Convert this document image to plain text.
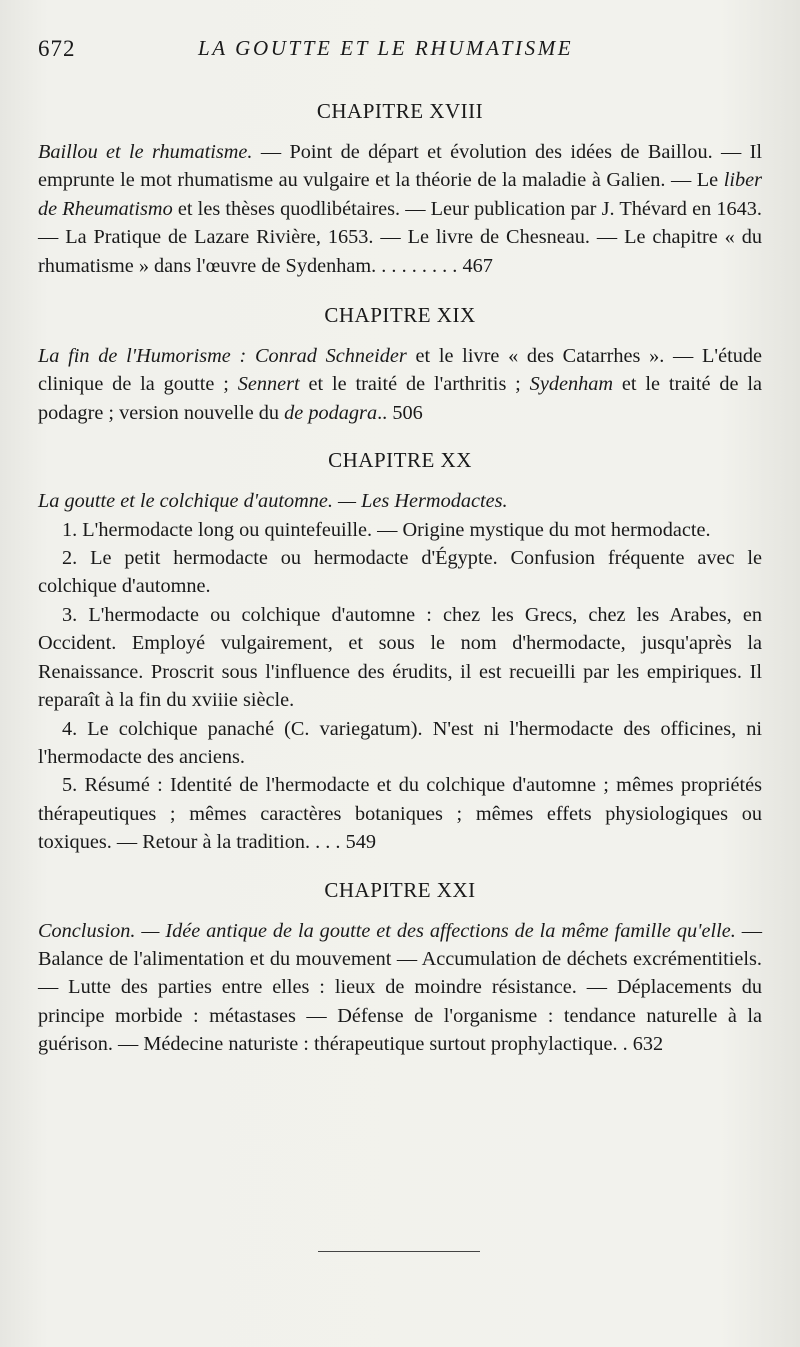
672	LA GOUTTE ET LE RHUMATISME
CHAPITRE XVIII

Baillou et le rhumatisme. — Point de départ et évolution des idées de Baillou. — Il emprunte le mot rhumatisme au vulgaire et la théorie de la maladie à Galien. — Le liber de Rheumatismo et les thèses quodlibétaires. — Leur publication par J. Thévard en 1643. — La Pratique de Lazare Rivière, 1653. — Le livre de Chesneau. — Le chapitre « du rhumatisme » dans l'œuvre de Sydenham. . . . . . . . . 467

CHAPITRE XIX

La fin de l'Humorisme : Conrad Schneider et le livre « des Catarrhes ». — L'étude clinique de la goutte ; Sennert et le traité de l'arthritis ; Sydenham et le traité de la podagre ; version nouvelle du de podagra.. 506

CHAPITRE XX

La goutte et le colchique d'automne. — Les Hermodactes.

1. L'hermodacte long ou quintefeuille. — Origine mystique du mot hermodacte.

2. Le petit hermodacte ou hermodacte d'Égypte. Confusion fréquente avec le colchique d'automne.

3. L'hermodacte ou colchique d'automne : chez les Grecs, chez les Arabes, en Occident. Employé vulgairement, et sous le nom d'hermodacte, jusqu'après la Renaissance. Proscrit sous l'influence des érudits, il est recueilli par les empiriques. Il reparaît à la fin du xviiie siècle.

4. Le colchique panaché (C. variegatum). N'est ni l'hermodacte des officines, ni l'hermodacte des anciens.

5. Résumé : Identité de l'hermodacte et du colchique d'automne ; mêmes propriétés thérapeutiques ; mêmes caractères botaniques ; mêmes effets physiologiques ou toxiques. — Retour à la tradition. . . . 549

CHAPITRE XXI

Conclusion. — Idée antique de la goutte et des affections de la même famille qu'elle. — Balance de l'alimentation et du mouvement — Accumulation de déchets excrémentitiels. — Lutte des parties entre elles : lieux de moindre résistance. — Déplacements du principe morbide : métastases — Défense de l'organisme : tendance naturelle à la guérison. — Médecine naturiste : thérapeutique surtout prophylactique. . 632
